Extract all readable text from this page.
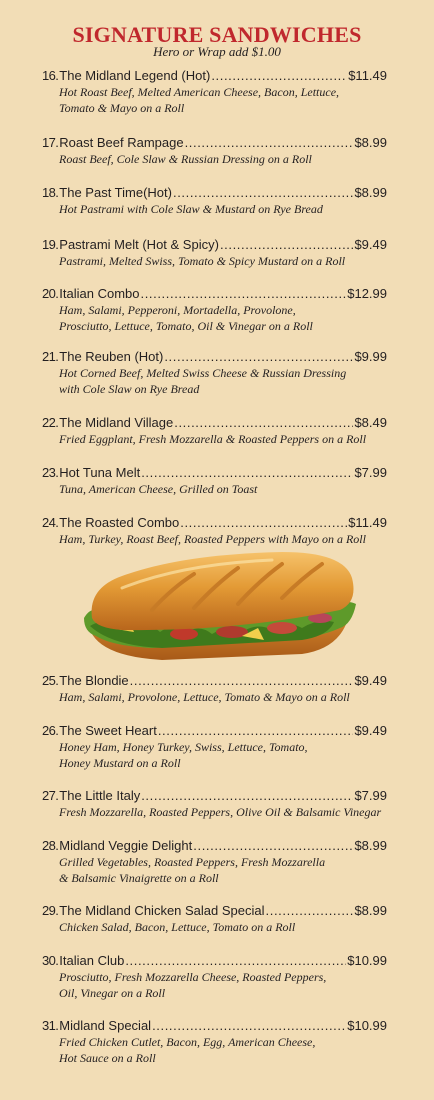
SIGNATURE SANDWICHES
Hero or Wrap add $1.00
16. The Midland Legend (Hot) .....	$11.49
Hot Roast Beef, Melted American Cheese, Bacon, Lettuce,
Tomato & Mayo on a Roll
17. Roast Beef Rampage .....	$8.99
Roast Beef, Cole Slaw & Russian Dressing on a Roll
18. The Past Time(Hot) .....	$8.99
Hot Pastrami with Cole Slaw & Mustard on Rye Bread
19. Pastrami Melt (Hot & Spicy) .....	$9.49
Pastrami, Melted Swiss, Tomato & Spicy Mustard on a Roll
20. Italian Combo .....	$12.99
Ham, Salami, Pepperoni, Mortadella, Provolone,
Prosciutto, Lettuce, Tomato, Oil & Vinegar on a Roll
21. The Reuben (Hot) .....	$9.99
Hot Corned Beef, Melted Swiss Cheese & Russian Dressing
with Cole Slaw on Rye Bread
22. The Midland Village .....	$8.49
Fried Eggplant, Fresh Mozzarella & Roasted Peppers on a Roll
23. Hot Tuna Melt .....	$7.99
Tuna, American Cheese, Grilled on Toast
24. The Roasted Combo .....	$11.49
Ham, Turkey, Roast Beef, Roasted Peppers with Mayo on a Roll
25. The Blondie .....	$9.49
Ham, Salami, Provolone, Lettuce, Tomato & Mayo on a Roll
26. The Sweet Heart .....	$9.49
Honey Ham, Honey Turkey, Swiss, Lettuce, Tomato,
Honey Mustard on a Roll
27. The Little Italy .....	$7.99
Fresh Mozzarella, Roasted Peppers, Olive Oil & Balsamic Vinegar
28. Midland Veggie Delight .....	$8.99
Grilled Vegetables, Roasted Peppers, Fresh Mozzarella
& Balsamic Vinaigrette on a Roll
29. The Midland Chicken Salad Special .....	$8.99
Chicken Salad, Bacon, Lettuce, Tomato on a Roll
30. Italian Club .....	$10.99
Prosciutto, Fresh Mozzarella Cheese, Roasted Peppers,
Oil, Vinegar on a Roll
31. Midland Special .....	$10.99
Fried Chicken Cutlet, Bacon, Egg, American Cheese,
Hot Sauce on a Roll
